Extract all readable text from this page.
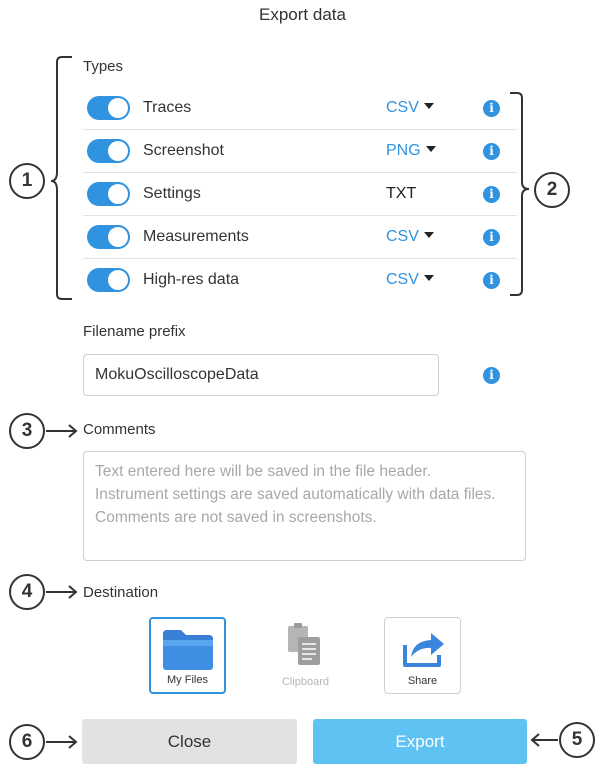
Export data
Types
Traces	CSV	i
Screenshot	PNG	i
Settings	TXT	i
Measurements	CSV	i
High-res data	CSV	i
Filename prefix
MokuOscilloscopeData	i
Comments
Text entered here will be saved in the file header.
Instrument settings are saved automatically with data files.
Comments are not saved in screenshots.
Destination
My Files	Clipboard	Share
Close	Export
1	2
3
4
5
6
